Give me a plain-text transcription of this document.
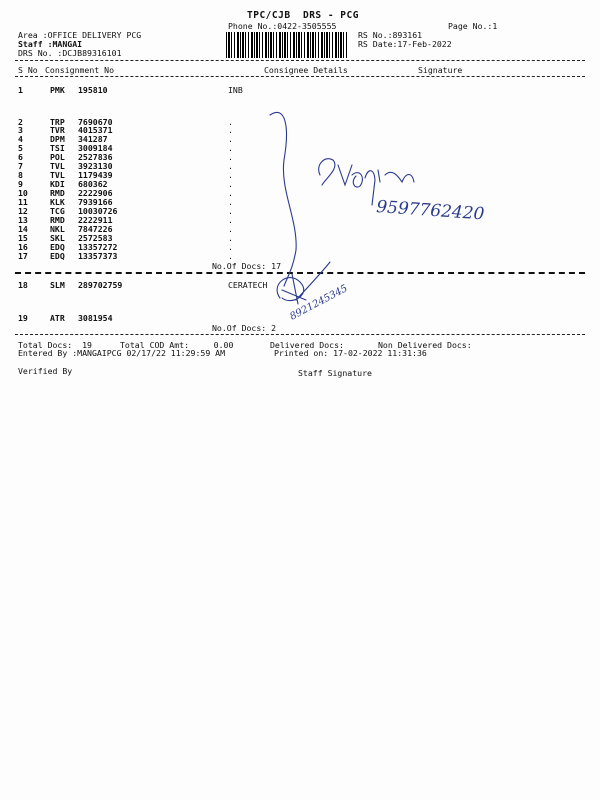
TPC/CJB  DRS - PCG
Phone No.:0422-3505555	Page No.:1
Area :OFFICE DELIVERY PCG
Staff :MANGAI
DRS No. :DCJB89316101
RS No.:893161
RS Date:17-Feb-2022
S No Consignment No	Consignee Details	Signature
1	PMK 195810	INB
2	TRP 7690670	.
3	TVR 4015371	.
4	DPM 341287	.
5	TSI 3009184	.
6	POL 2527836	.
7	TVL 3923130	.
8	TVL 1179439	.
9	KDI 680362	.
10	RMD 2222906	.
11	KLK 7939166	.
12	TCG 10030726	.
13	RMD 2222911	.
14	NKL 7847226	.
15	SKL 2572583	.
16	EDQ 13357272	.
17	EDQ 13357373	.
18	SLM 289702759	CERATECH
19	ATR 3081954
No.Of Docs: 17
No.Of Docs: 2
Total Docs:  19	Total COD Amt:     0.00	Delivered Docs:	Non Delivered Docs:
Entered By :MANGAIPCG 02/17/22 11:29:59 AM	Printed on: 17-02-2022 11:31:36
Verified By	Staff Signature
9597762420
8921245345
